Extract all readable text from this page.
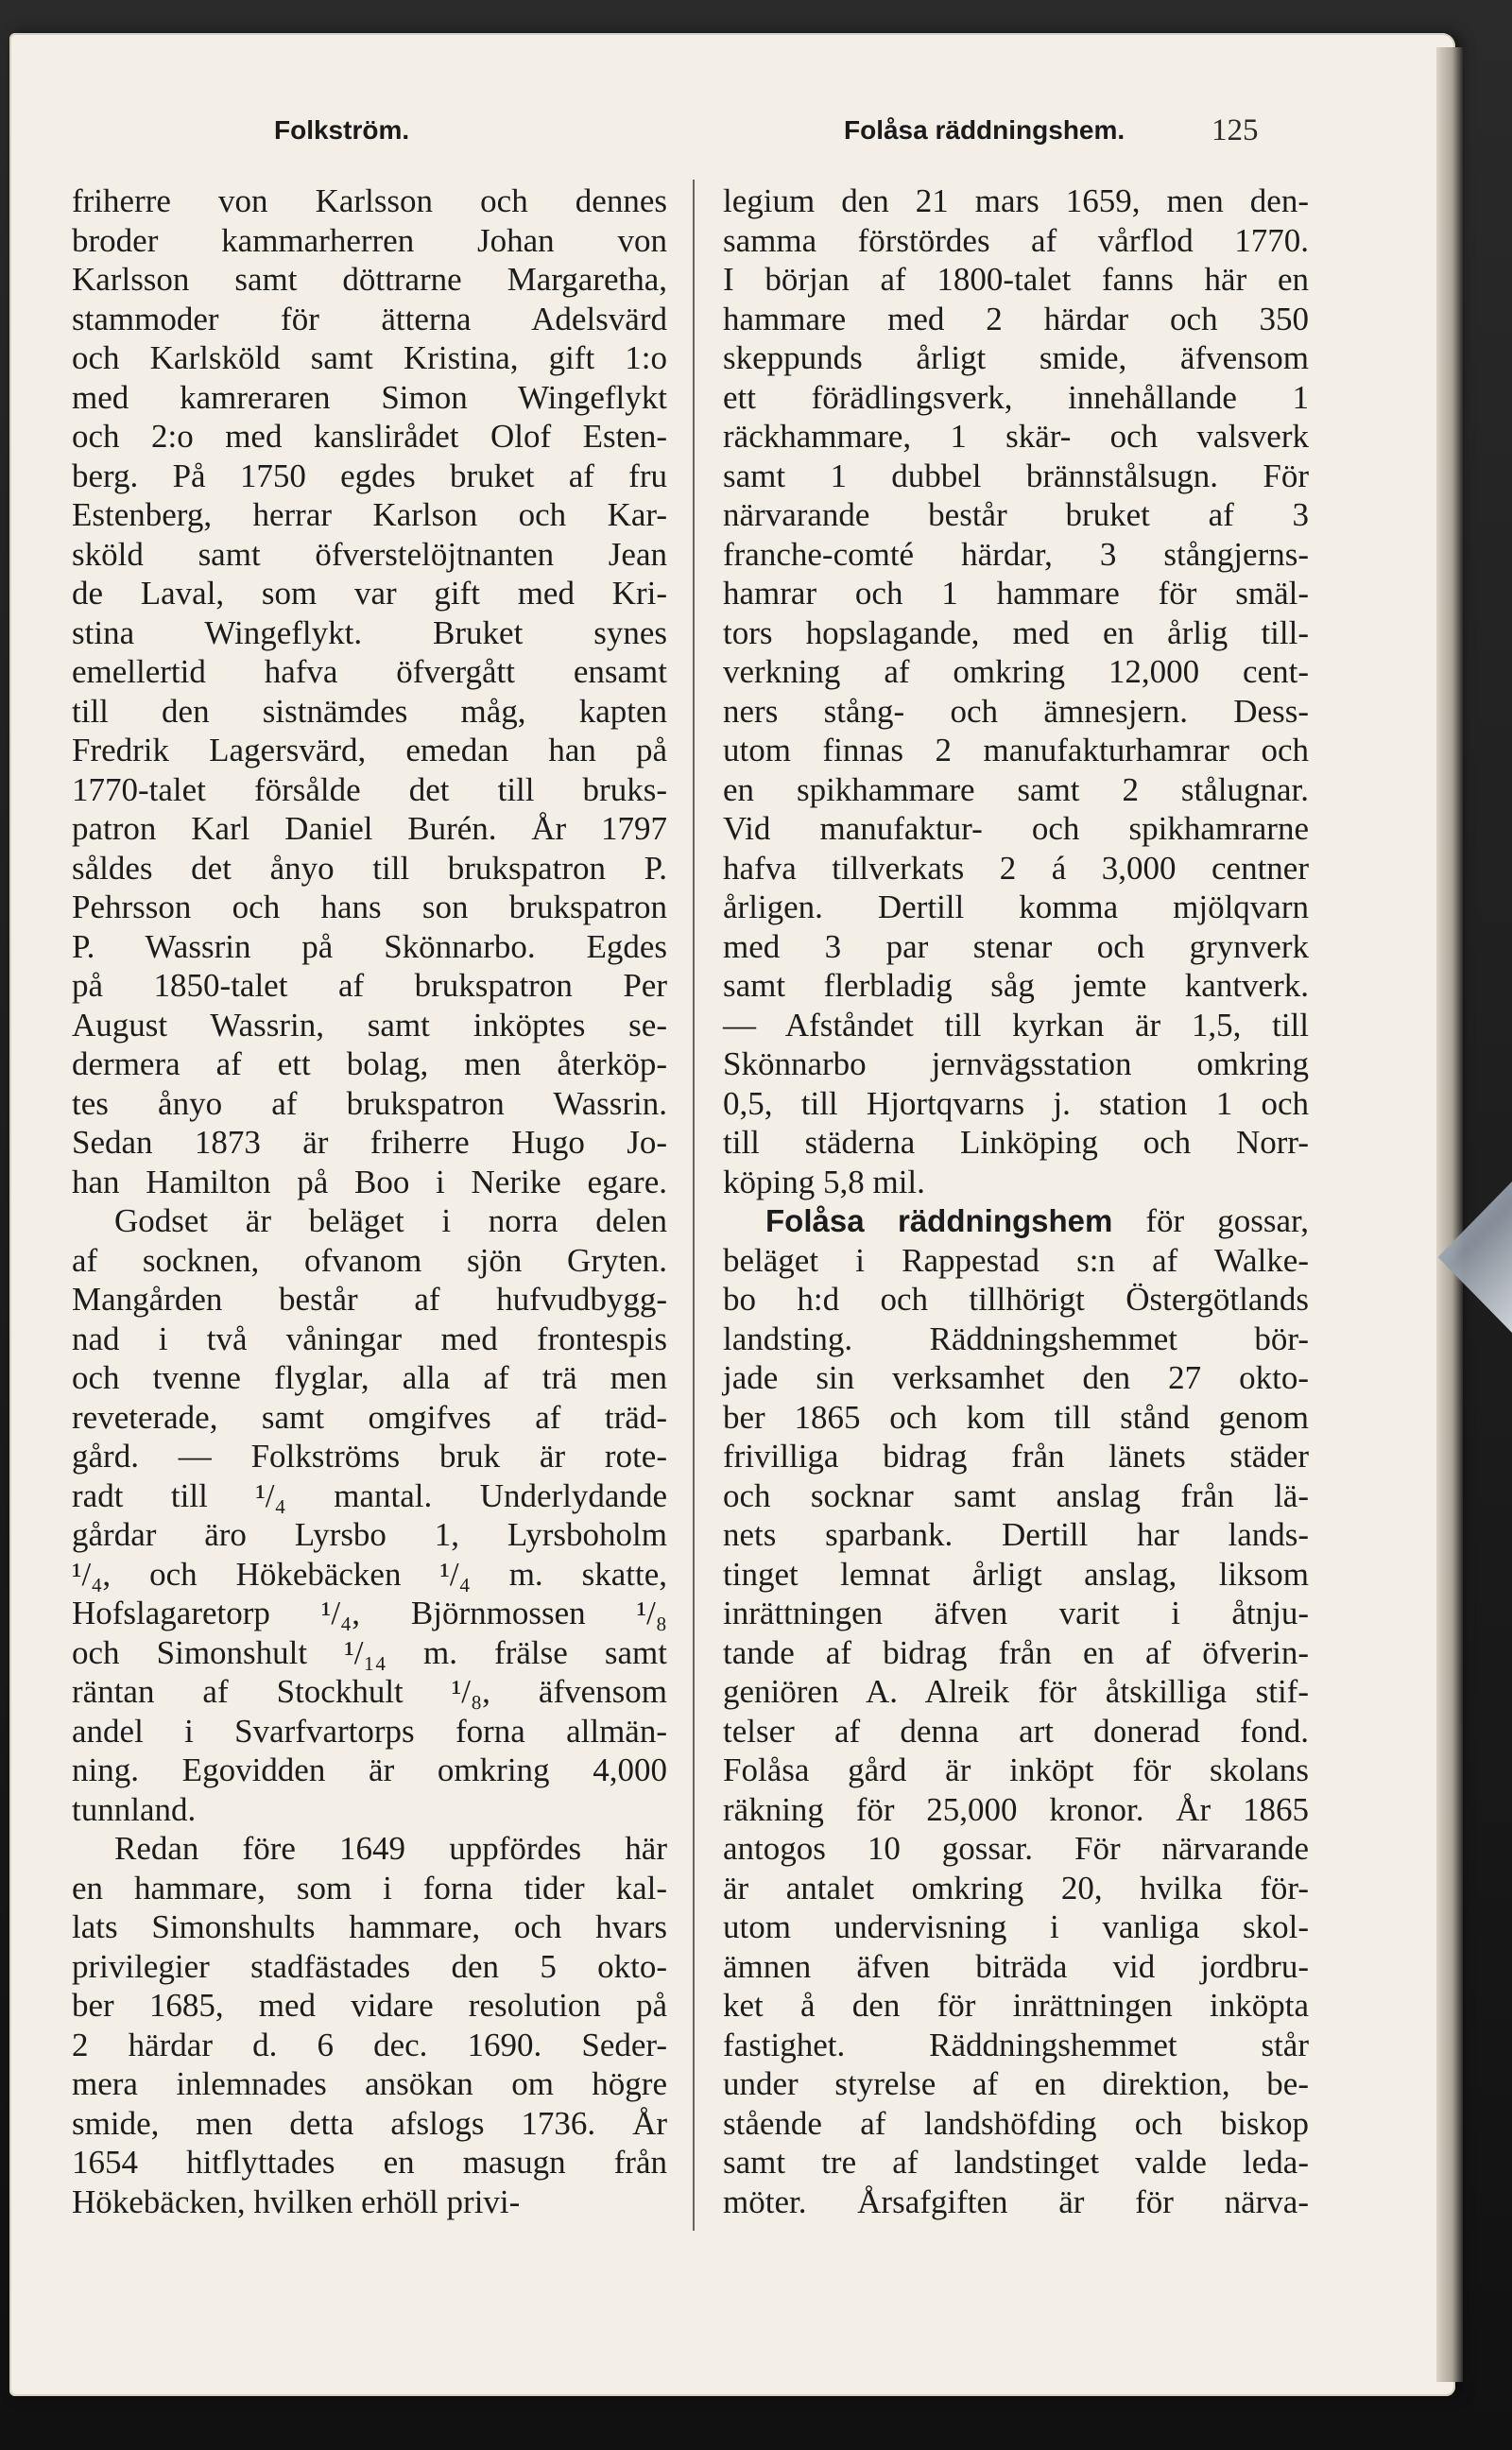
Folkström.	Folåsa räddningshem.	125
friherre von Karlsson och dennes
broder kammarherren Johan von
Karlsson samt döttrarne Margaretha,
stammoder för ätterna Adelsvärd
och Karlsköld samt Kristina, gift 1:o
med kamreraren Simon Wingeflykt
och 2:o med kanslirådet Olof Esten-
berg. På 1750 egdes bruket af fru
Estenberg, herrar Karlson och Kar-
sköld samt öfverstelöjtnanten Jean
de Laval, som var gift med Kri-
stina Wingeflykt. Bruket synes
emellertid hafva öfvergått ensamt
till den sistnämdes måg, kapten
Fredrik Lagersvärd, emedan han på
1770-talet försålde det till bruks-
patron Karl Daniel Burén. År 1797
såldes det ånyo till brukspatron P.
Pehrsson och hans son brukspatron
P. Wassrin på Skönnarbo. Egdes
på 1850-talet af brukspatron Per
August Wassrin, samt inköptes se-
dermera af ett bolag, men återköp-
tes ånyo af brukspatron Wassrin.
Sedan 1873 är friherre Hugo Jo-
han Hamilton på Boo i Nerike egare.
Godset är beläget i norra delen
af socknen, ofvanom sjön Gryten.
Mangården består af hufvudbygg-
nad i två våningar med frontespis
och tvenne flyglar, alla af trä men
reveterade, samt omgifves af träd-
gård. — Folkströms bruk är rote-
radt till ¹/₄ mantal. Underlydande
gårdar äro Lyrsbo 1, Lyrsboholm
¹/₄, och Hökebäcken ¹/₄ m. skatte,
Hofslagaretorp ¹/₄, Björnmossen ¹/₈
och Simonshult ¹/₁₄ m. frälse samt
räntan af Stockhult ¹/₈, äfvensom
andel i Svarfvartorps forna allmän-
ning. Egovidden är omkring 4,000
tunnland.
Redan före 1649 uppfördes här
en hammare, som i forna tider kal-
lats Simonshults hammare, och hvars
privilegier stadfästades den 5 okto-
ber 1685, med vidare resolution på
2 härdar d. 6 dec. 1690. Seder-
mera inlemnades ansökan om högre
smide, men detta afslogs 1736. År
1654 hitflyttades en masugn från
Hökebäcken, hvilken erhöll privi-
legium den 21 mars 1659, men den-
samma förstördes af vårflod 1770.
I början af 1800-talet fanns här en
hammare med 2 härdar och 350
skeppunds årligt smide, äfvensom
ett förädlingsverk, innehållande 1
räckhammare, 1 skär- och valsverk
samt 1 dubbel brännstålsugn. För
närvarande består bruket af 3
franche-comté härdar, 3 stångjerns-
hamrar och 1 hammare för smäl-
tors hopslagande, med en årlig till-
verkning af omkring 12,000 cent-
ners stång- och ämnesjern. Dess-
utom finnas 2 manufakturhamrar och
en spikhammare samt 2 stålugnar.
Vid manufaktur- och spikhamrarne
hafva tillverkats 2 á 3,000 centner
årligen. Dertill komma mjölqvarn
med 3 par stenar och grynverk
samt flerbladig såg jemte kantverk.
— Afståndet till kyrkan är 1,5, till
Skönnarbo jernvägsstation omkring
0,5, till Hjortqvarns j. station 1 och
till städerna Linköping och Norr-
köping 5,8 mil.
Folåsa räddningshem för gossar,
beläget i Rappestad s:n af Walke-
bo h:d och tillhörigt Östergötlands
landsting. Räddningshemmet bör-
jade sin verksamhet den 27 okto-
ber 1865 och kom till stånd genom
frivilliga bidrag från länets städer
och socknar samt anslag från lä-
nets sparbank. Dertill har lands-
tinget lemnat årligt anslag, liksom
inrättningen äfven varit i åtnju-
tande af bidrag från en af öfverin-
geniören A. Alreik för åtskilliga stif-
telser af denna art donerad fond.
Folåsa gård är inköpt för skolans
räkning för 25,000 kronor. År 1865
antogos 10 gossar. För närvarande
är antalet omkring 20, hvilka för-
utom undervisning i vanliga skol-
ämnen äfven biträda vid jordbru-
ket å den för inrättningen inköpta
fastighet. Räddningshemmet står
under styrelse af en direktion, be-
stående af landshöfding och biskop
samt tre af landstinget valde leda-
möter. Årsafgiften är för närva-
